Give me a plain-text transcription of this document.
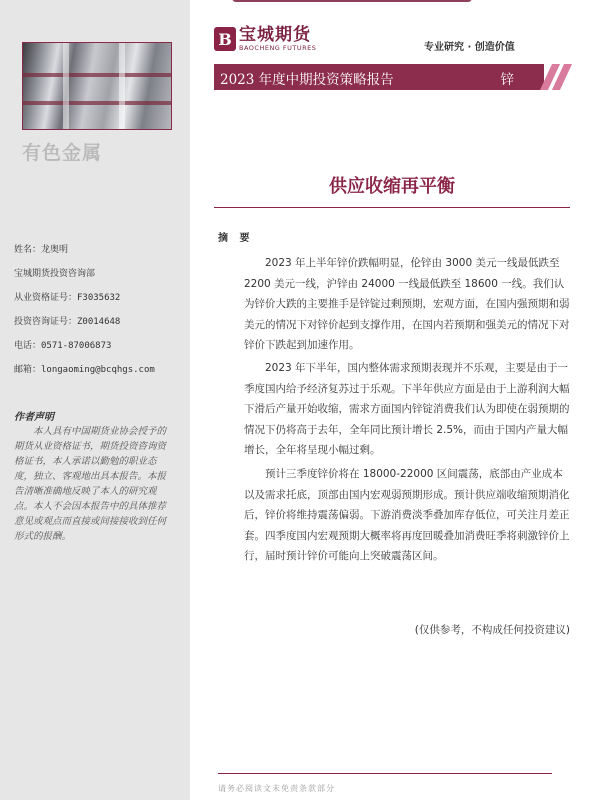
有色金属
姓名：龙奥明
宝城期货投资咨询部
从业资格证号：F3035632
投资咨询证号：Z0014648
电话：0571-87006873
邮箱：longaoming@bcqhgs.com
作者声明
本人具有中国期货业协会授予的期货从业资格证书，期货投资咨询资格证书，本人承诺以勤勉的职业态度，独立、客观地出具本报告。本报告清晰准确地反映了本人的研究观点。本人不会因本报告中的具体推荐意见或观点而直接或间接接收到任何形式的报酬。
B 宝城期货
BAOCHENG FUTURES	专业研究 · 创造价值
2023 年度中期投资策略报告	锌
供应收缩再平衡
摘 要

2023 年上半年锌价跌幅明显，伦锌由 3000 美元一线最低跌至 2200 美元一线，沪锌由 24000 一线最低跌至 18600 一线。我们认为锌价大跌的主要推手是锌锭过剩预期，宏观方面，在国内强预期和弱美元的情况下对锌价起到支撑作用，在国内若预期和强美元的情况下对锌价下跌起到加速作用。

2023 年下半年，国内整体需求预期表现并不乐观，主要是由于一季度国内给予经济复苏过于乐观。下半年供应方面是由于上游利润大幅下滑后产量开始收缩，需求方面国内锌锭消费我们认为即使在弱预期的情况下仍将高于去年，全年同比预计增长 2.5%，而由于国内产量大幅增长，全年将呈现小幅过剩。

预计三季度锌价将在 18000-22000 区间震荡，底部由产业成本以及需求托底，顶部由国内宏观弱预期形成。预计供应端收缩预期消化后，锌价将维持震荡偏弱。下游消费淡季叠加库存低位，可关注月差正套。四季度国内宏观预期大概率将再度回暖叠加消费旺季将刺激锌价上行，届时预计锌价可能向上突破震荡区间。

(仅供参考，不构成任何投资建议)
请务必阅读文末免责条款部分
